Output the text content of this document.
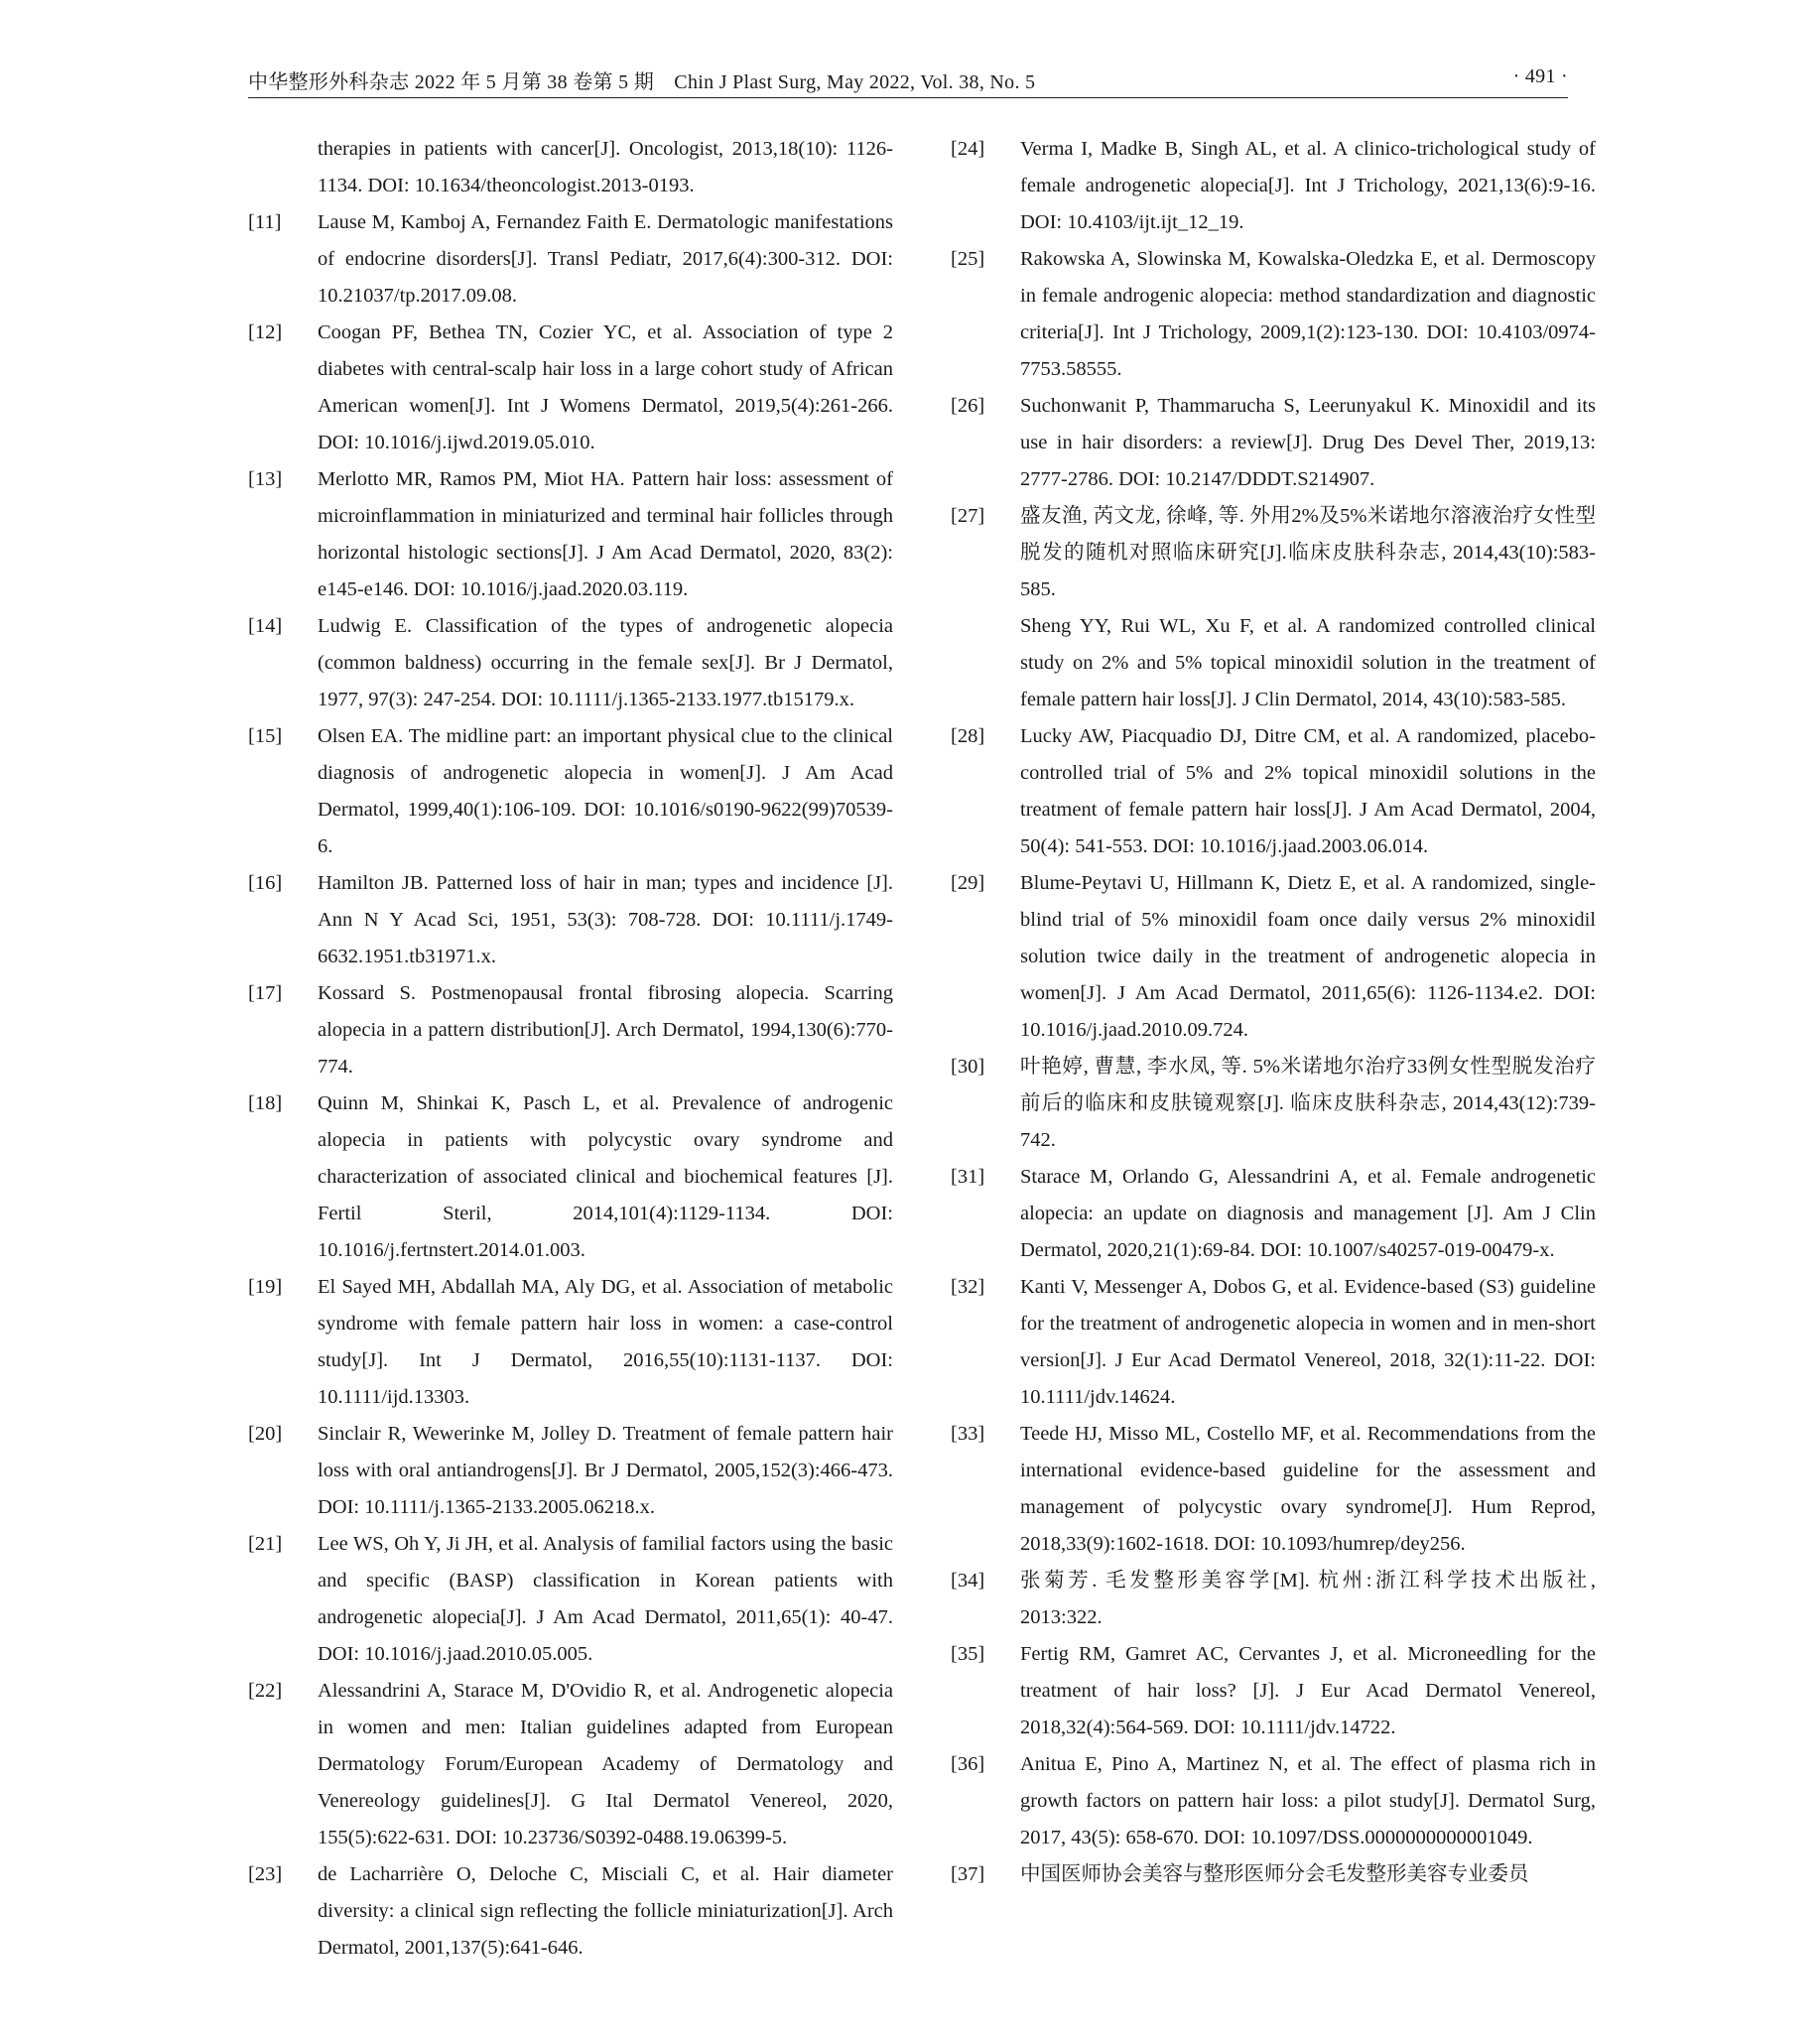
中华整形外科杂志 2022 年 5 月第 38 卷第 5 期　Chin J Plast Surg, May 2022, Vol. 38, No. 5	· 491 ·

therapies in patients with cancer[J]. Oncologist, 2013,18(10): 1126-1134. DOI: 10.1634/theoncologist.2013-0193.

[11] Lause M, Kamboj A, Fernandez Faith E. Dermatologic manifestations of endocrine disorders[J]. Transl Pediatr, 2017,6(4):300-312. DOI: 10.21037/tp.2017.09.08.

[12] Coogan PF, Bethea TN, Cozier YC, et al. Association of type 2 diabetes with central-scalp hair loss in a large cohort study of African American women[J]. Int J Womens Dermatol, 2019,5(4):261-266. DOI: 10.1016/j.ijwd.2019.05.010.

[13] Merlotto MR, Ramos PM, Miot HA. Pattern hair loss: assessment of microinflammation in miniaturized and terminal hair follicles through horizontal histologic sections[J]. J Am Acad Dermatol, 2020, 83(2): e145-e146. DOI: 10.1016/j.jaad.2020.03.119.

[14] Ludwig E. Classification of the types of androgenetic alopecia (common baldness) occurring in the female sex[J]. Br J Dermatol, 1977, 97(3): 247-254. DOI: 10.1111/j.1365-2133.1977.tb15179.x.

[15] Olsen EA. The midline part: an important physical clue to the clinical diagnosis of androgenetic alopecia in women[J]. J Am Acad Dermatol, 1999,40(1):106-109. DOI: 10.1016/s0190-9622(99)70539-6.

[16] Hamilton JB. Patterned loss of hair in man; types and incidence [J]. Ann N Y Acad Sci, 1951, 53(3): 708-728. DOI: 10.1111/j.1749-6632.1951.tb31971.x.

[17] Kossard S. Postmenopausal frontal fibrosing alopecia. Scarring alopecia in a pattern distribution[J]. Arch Dermatol, 1994,130(6):770-774.

[18] Quinn M, Shinkai K, Pasch L, et al. Prevalence of androgenic alopecia in patients with polycystic ovary syndrome and characterization of associated clinical and biochemical features [J]. Fertil Steril, 2014,101(4):1129-1134. DOI: 10.1016/j.fertnstert.2014.01.003.

[19] El Sayed MH, Abdallah MA, Aly DG, et al. Association of metabolic syndrome with female pattern hair loss in women: a case-control study[J]. Int J Dermatol, 2016,55(10):1131-1137. DOI: 10.1111/ijd.13303.

[20] Sinclair R, Wewerinke M, Jolley D. Treatment of female pattern hair loss with oral antiandrogens[J]. Br J Dermatol, 2005,152(3):466-473. DOI: 10.1111/j.1365-2133.2005.06218.x.

[21] Lee WS, Oh Y, Ji JH, et al. Analysis of familial factors using the basic and specific (BASP) classification in Korean patients with androgenetic alopecia[J]. J Am Acad Dermatol, 2011,65(1): 40-47. DOI: 10.1016/j.jaad.2010.05.005.

[22] Alessandrini A, Starace M, D'Ovidio R, et al. Androgenetic alopecia in women and men: Italian guidelines adapted from European Dermatology Forum/European Academy of Dermatology and Venereology guidelines[J]. G Ital Dermatol Venereol, 2020, 155(5):622-631. DOI: 10.23736/S0392-0488.19.06399-5.

[23] de Lacharrière O, Deloche C, Misciali C, et al. Hair diameter diversity: a clinical sign reflecting the follicle miniaturization[J]. Arch Dermatol, 2001,137(5):641-646.

[24] Verma I, Madke B, Singh AL, et al. A clinico-trichological study of female androgenetic alopecia[J]. Int J Trichology, 2021,13(6):9-16. DOI: 10.4103/ijt.ijt_12_19.

[25] Rakowska A, Slowinska M, Kowalska-Oledzka E, et al. Dermoscopy in female androgenic alopecia: method standardization and diagnostic criteria[J]. Int J Trichology, 2009,1(2):123-130. DOI: 10.4103/0974-7753.58555.

[26] Suchonwanit P, Thammarucha S, Leerunyakul K. Minoxidil and its use in hair disorders: a review[J]. Drug Des Devel Ther, 2019,13: 2777-2786. DOI: 10.2147/DDDT.S214907.

[27] 盛友渔, 芮文龙, 徐峰, 等. 外用2%及5%米诺地尔溶液治疗女性型脱发的随机对照临床研究[J].临床皮肤科杂志, 2014,43(10):583-585.

Sheng YY, Rui WL, Xu F, et al. A randomized controlled clinical study on 2% and 5% topical minoxidil solution in the treatment of female pattern hair loss[J]. J Clin Dermatol, 2014, 43(10):583-585.

[28] Lucky AW, Piacquadio DJ, Ditre CM, et al. A randomized, placebo-controlled trial of 5% and 2% topical minoxidil solutions in the treatment of female pattern hair loss[J]. J Am Acad Dermatol, 2004, 50(4): 541-553. DOI: 10.1016/j.jaad.2003.06.014.

[29] Blume-Peytavi U, Hillmann K, Dietz E, et al. A randomized, single-blind trial of 5% minoxidil foam once daily versus 2% minoxidil solution twice daily in the treatment of androgenetic alopecia in women[J]. J Am Acad Dermatol, 2011,65(6): 1126-1134.e2. DOI: 10.1016/j.jaad.2010.09.724.

[30] 叶艳婷, 曹慧, 李水凤, 等. 5%米诺地尔治疗33例女性型脱发治疗前后的临床和皮肤镜观察[J]. 临床皮肤科杂志, 2014,43(12):739-742.

[31] Starace M, Orlando G, Alessandrini A, et al. Female androgenetic alopecia: an update on diagnosis and management [J]. Am J Clin Dermatol, 2020,21(1):69-84. DOI: 10.1007/s40257-019-00479-x.

[32] Kanti V, Messenger A, Dobos G, et al. Evidence-based (S3) guideline for the treatment of androgenetic alopecia in women and in men-short version[J]. J Eur Acad Dermatol Venereol, 2018, 32(1):11-22. DOI: 10.1111/jdv.14624.

[33] Teede HJ, Misso ML, Costello MF, et al. Recommendations from the international evidence-based guideline for the assessment and management of polycystic ovary syndrome[J]. Hum Reprod, 2018,33(9):1602-1618. DOI: 10.1093/humrep/dey256.

[34] 张菊芳. 毛发整形美容学[M]. 杭州:浙江科学技术出版社, 2013:322.

[35] Fertig RM, Gamret AC, Cervantes J, et al. Microneedling for the treatment of hair loss? [J]. J Eur Acad Dermatol Venereol, 2018,32(4):564-569. DOI: 10.1111/jdv.14722.

[36] Anitua E, Pino A, Martinez N, et al. The effect of plasma rich in growth factors on pattern hair loss: a pilot study[J]. Dermatol Surg, 2017, 43(5): 658-670. DOI: 10.1097/DSS.0000000000001049.

[37] 中国医师协会美容与整形医师分会毛发整形美容专业委员
